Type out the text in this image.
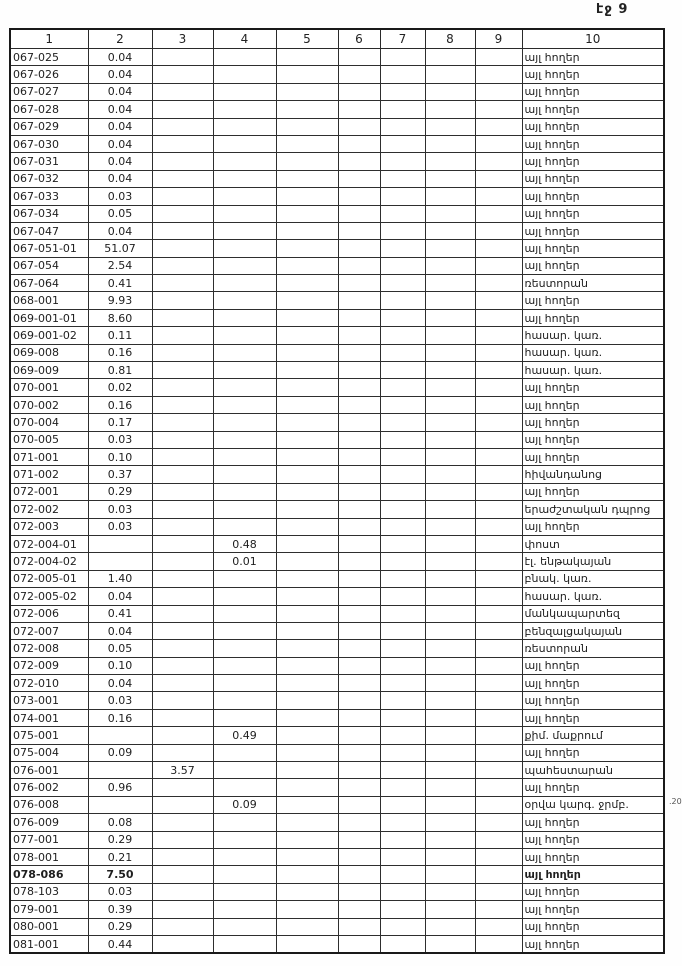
էջ 9
1	2	3	4	5	6	7	8	9	10
067-025	0.04								այլ հողեր
067-026	0.04								այլ հողեր
067-027	0.04								այլ հողեր
067-028	0.04								այլ հողեր
067-029	0.04								այլ հողեր
067-030	0.04								այլ հողեր
067-031	0.04								այլ հողեր
067-032	0.04								այլ հողեր
067-033	0.03								այլ հողեր
067-034	0.05								այլ հողեր
067-047	0.04								այլ հողեր
067-051-01	51.07								այլ հողեր
067-054	2.54								այլ հողեր
067-064	0.41								ռեստորան
068-001	9.93								այլ հողեր
069-001-01	8.60								այլ հողեր
069-001-02	0.11								հասար. կառ.
069-008	0.16								հասար. կառ.
069-009	0.81								հասար. կառ.
070-001	0.02								այլ հողեր
070-002	0.16								այլ հողեր
070-004	0.17								այլ հողեր
070-005	0.03								այլ հողեր
071-001	0.10								այլ հողեր
071-002	0.37								հիվանդանոց
072-001	0.29								այլ հողեր
072-002	0.03								երաժշտական դպրոց
072-003	0.03								այլ հողեր
072-004-01			0.48						փոստ
072-004-02			0.01						էլ. ենթակայան
072-005-01	1.40								բնակ. կառ.
072-005-02	0.04								հասար. կառ.
072-006	0.41								մանկապարտեզ
072-007	0.04								բենզալցակայան
072-008	0.05								ռեստորան
072-009	0.10								այլ հողեր
072-010	0.04								այլ հողեր
073-001	0.03								այլ հողեր
074-001	0.16								այլ հողեր
075-001			0.49						քիմ. մաքրում
075-004	0.09								այլ հողեր
076-001		3.57							պահեստարան
076-002	0.96								այլ հողեր
076-008			0.09						օրվա կարգ. ջրմբ.
076-009	0.08								այլ հողեր
077-001	0.29								այլ հողեր
078-001	0.21								այլ հողեր
078-086	7.50								այլ հողեր
078-103	0.03								այլ հողեր
079-001	0.39								այլ հողեր
080-001	0.29								այլ հողեր
081-001	0.44								այլ հողեր
.20
